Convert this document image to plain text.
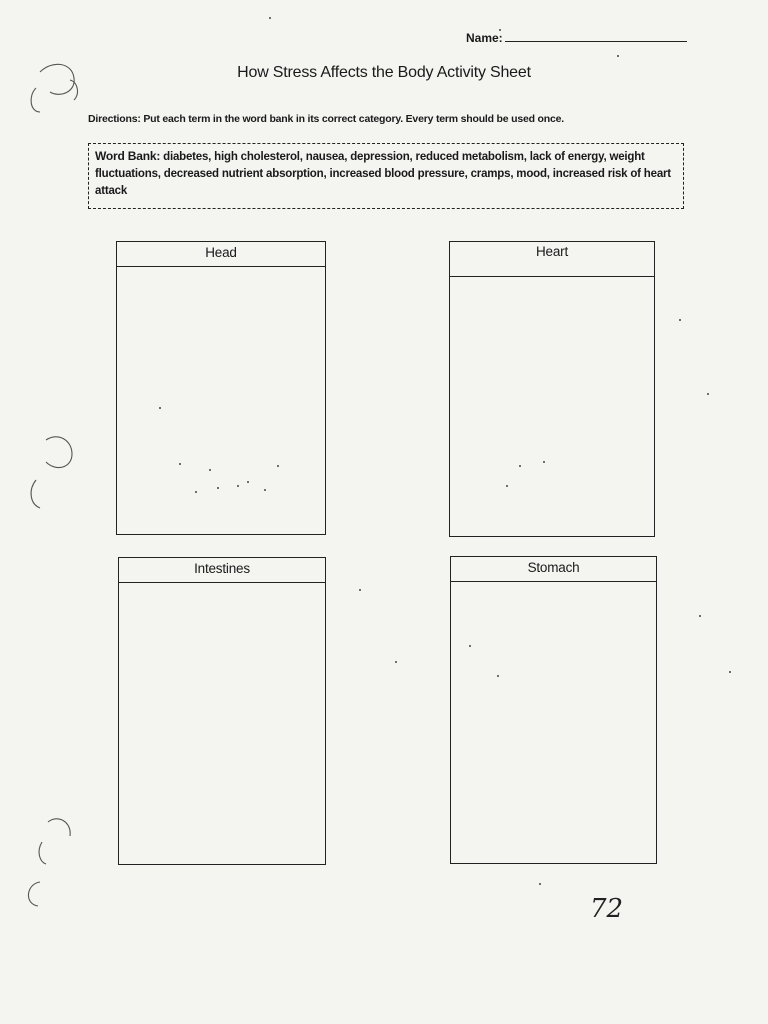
Name:
How Stress Affects the Body Activity Sheet
Directions: Put each term in the word bank in its correct category. Every term should be used once.
Word Bank: diabetes, high cholesterol, nausea, depression, reduced metabolism, lack of energy, weight fluctuations, decreased nutrient absorption, increased blood pressure, cramps, mood, increased risk of heart attack
Head	Heart
Intestines	Stomach
72
